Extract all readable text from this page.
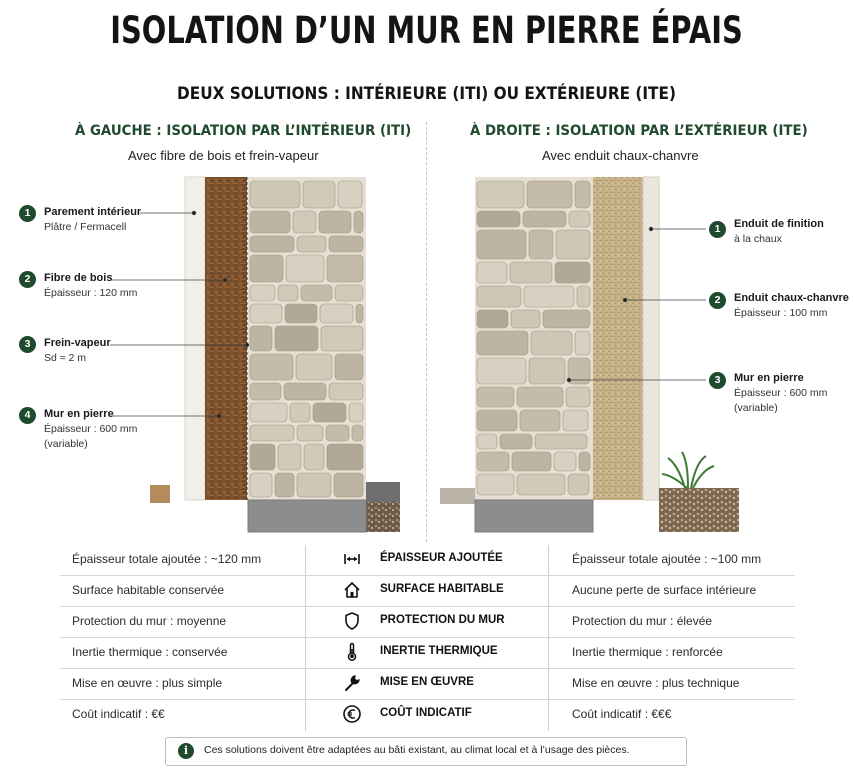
ISOLATION D’UN MUR EN PIERRE ÉPAIS
DEUX SOLUTIONS : INTÉRIEURE (ITI) OU EXTÉRIEURE (ITE)
À GAUCHE : ISOLATION PAR L’INTÉRIEUR (ITI)
Avec fibre de bois et frein-vapeur
À DROITE : ISOLATION PAR L’EXTÉRIEUR (ITE)
Avec enduit chaux-chanvre
1	Parement intérieur
Plâtre / Fermacell
2	Fibre de bois
Épaisseur : 120 mm
3	Frein-vapeur
Sd ≈ 2 m
4	Mur en pierre
Épaisseur : 600 mm
(variable)
1	Enduit de finition
à la chaux
2	Enduit chaux-chanvre
Épaisseur : 100 mm
3	Mur en pierre
Épaisseur : 600 mm
(variable)
Épaisseur totale ajoutée : ~120 mm	ÉPAISSEUR AJOUTÉE	Épaisseur totale ajoutée : ~100 mm
Surface habitable conservée	SURFACE HABITABLE	Aucune perte de surface intérieure
Protection du mur : moyenne	PROTECTION DU MUR	Protection du mur : élevée
Inertie thermique : conservée	INERTIE THERMIQUE	Inertie thermique : renforcée
Mise en œuvre : plus simple	MISE EN ŒUVRE	Mise en œuvre : plus technique
Coût indicatif : €€	COÛT INDICATIF	Coût indicatif : €€€
i	Ces solutions doivent être adaptées au bâti existant, au climat local et à l’usage des pièces.
